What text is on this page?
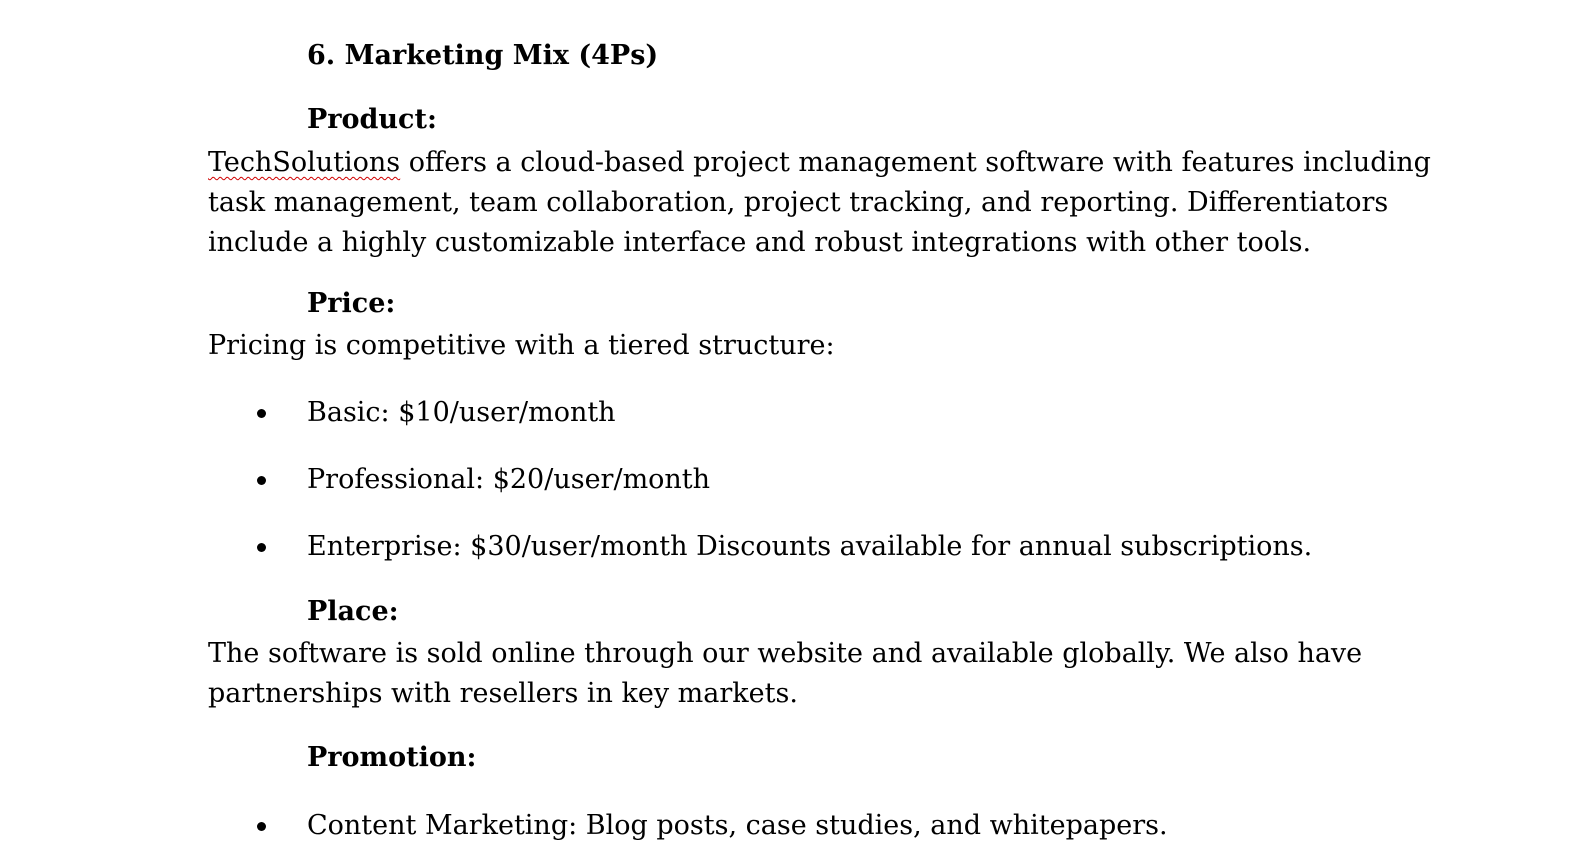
6. Marketing Mix (4Ps)
Product:
TechSolutions offers a cloud-based project management software with features including
task management, team collaboration, project tracking, and reporting. Differentiators
include a highly customizable interface and robust integrations with other tools.
Price:
Pricing is competitive with a tiered structure:
Basic: $10/user/month
Professional: $20/user/month
Enterprise: $30/user/month Discounts available for annual subscriptions.
Place:
The software is sold online through our website and available globally. We also have
partnerships with resellers in key markets.
Promotion:
Content Marketing: Blog posts, case studies, and whitepapers.
